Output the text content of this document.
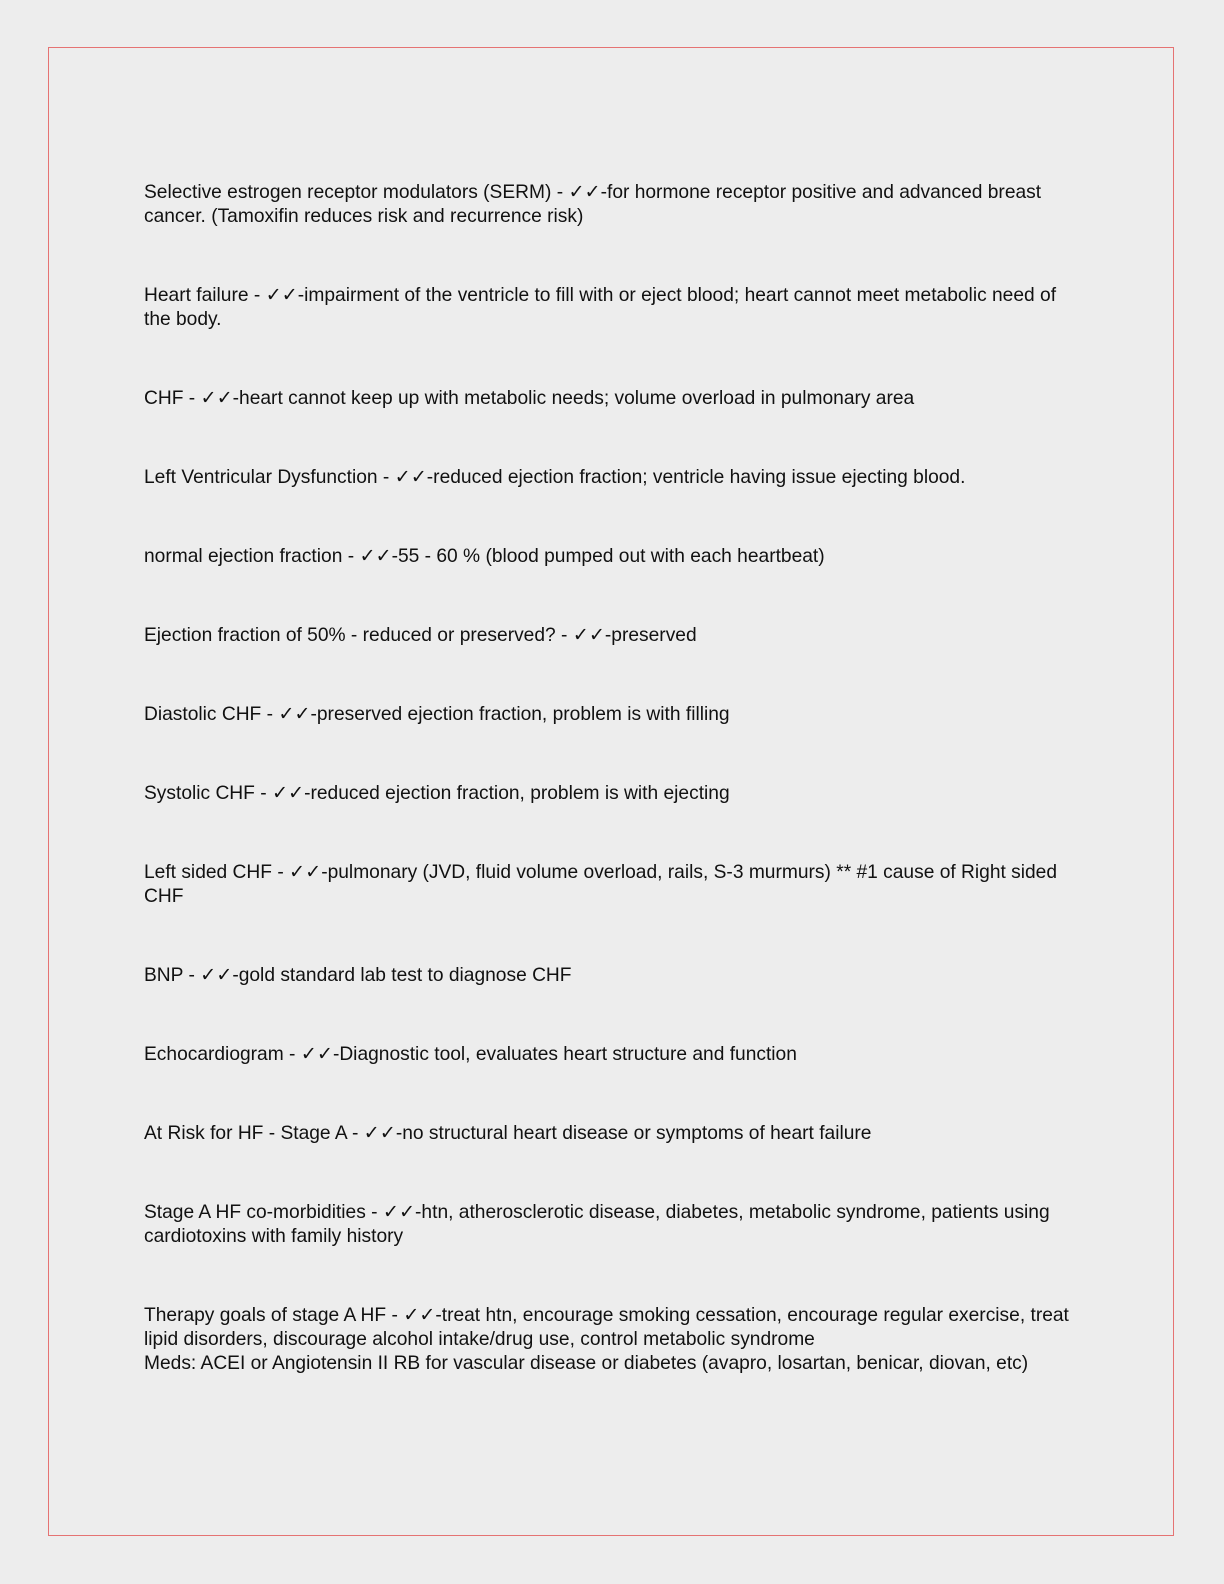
Selective estrogen receptor modulators (SERM) - ✓✓-for hormone receptor positive and advanced breast cancer. (Tamoxifin reduces risk and recurrence risk)

Heart failure - ✓✓-impairment of the ventricle to fill with or eject blood; heart cannot meet metabolic need of the body.

CHF - ✓✓-heart cannot keep up with metabolic needs; volume overload in pulmonary area

Left Ventricular Dysfunction - ✓✓-reduced ejection fraction; ventricle having issue ejecting blood.

normal ejection fraction - ✓✓-55 - 60 % (blood pumped out with each heartbeat)

Ejection fraction of 50% - reduced or preserved? - ✓✓-preserved

Diastolic CHF - ✓✓-preserved ejection fraction, problem is with filling

Systolic CHF - ✓✓-reduced ejection fraction, problem is with ejecting

Left sided CHF - ✓✓-pulmonary (JVD, fluid volume overload, rails, S-3 murmurs) ** #1 cause of Right sided CHF

BNP - ✓✓-gold standard lab test to diagnose CHF

Echocardiogram - ✓✓-Diagnostic tool, evaluates heart structure and function

At Risk for HF - Stage A - ✓✓-no structural heart disease or symptoms of heart failure

Stage A HF co-morbidities - ✓✓-htn, atherosclerotic disease, diabetes, metabolic syndrome, patients using cardiotoxins with family history

Therapy goals of stage A HF - ✓✓-treat htn, encourage smoking cessation, encourage regular exercise, treat lipid disorders, discourage alcohol intake/drug use, control metabolic syndrome

Meds: ACEI or Angiotensin II RB for vascular disease or diabetes (avapro, losartan, benicar, diovan, etc)
